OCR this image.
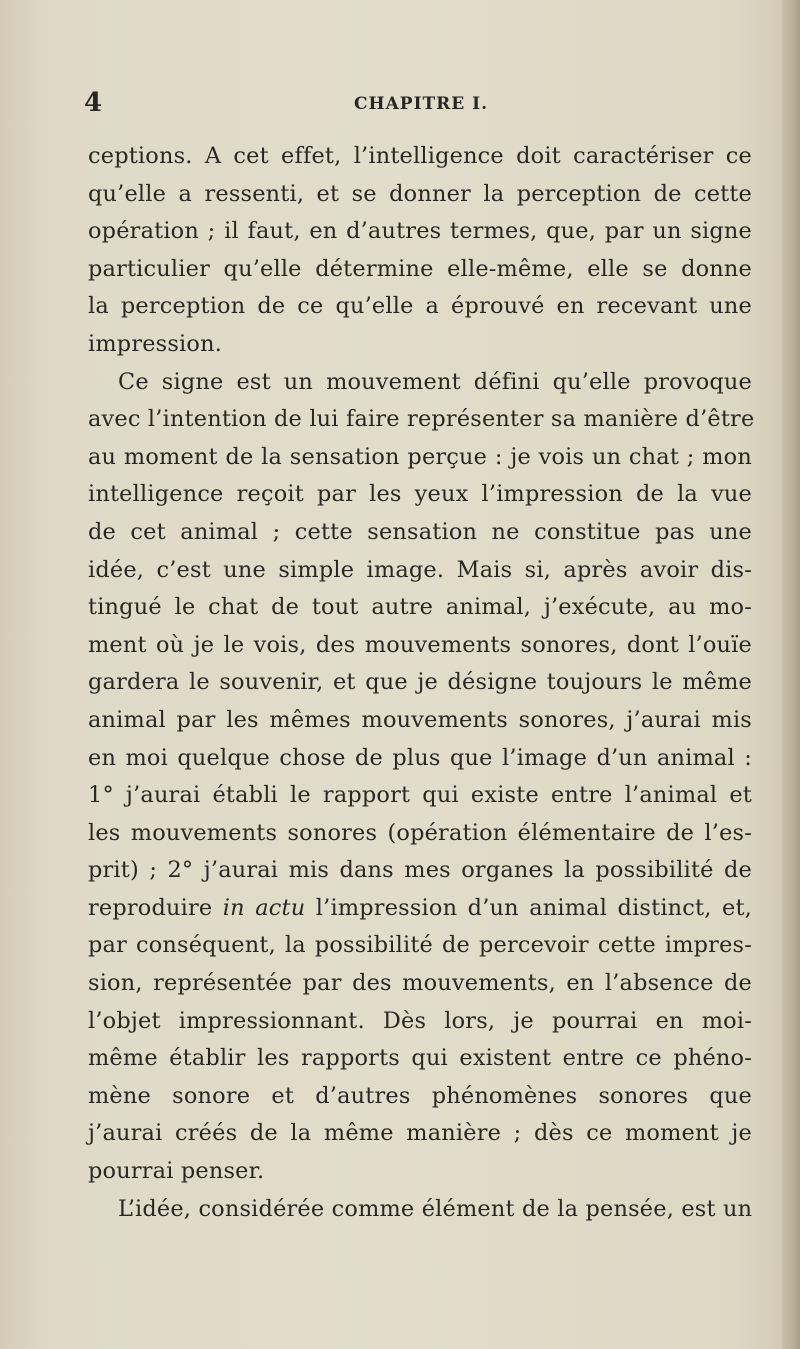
4	CHAPITRE I.
ceptions. A cet effet, l’intelligence doit caractériser ce
qu’elle a ressenti, et se donner la perception de cette
opération ; il faut, en d’autres termes, que, par un signe
particulier qu’elle détermine elle-même, elle se donne
la perception de ce qu’elle a éprouvé en recevant une
impression.
Ce signe est un mouvement défini qu’elle provoque
avec l’intention de lui faire représenter sa manière d’être
au moment de la sensation perçue : je vois un chat ; mon
intelligence reçoit par les yeux l’impression de la vue
de cet animal ; cette sensation ne constitue pas une
idée, c’est une simple image. Mais si, après avoir dis-
tingué le chat de tout autre animal, j’exécute, au mo-
ment où je le vois, des mouvements sonores, dont l’ouïe
gardera le souvenir, et que je désigne toujours le même
animal par les mêmes mouvements sonores, j’aurai mis
en moi quelque chose de plus que l’image d’un animal :
1° j’aurai établi le rapport qui existe entre l’animal et
les mouvements sonores (opération élémentaire de l’es-
prit) ; 2° j’aurai mis dans mes organes la possibilité de
reproduire in actu l’impression d’un animal distinct, et,
par conséquent, la possibilité de percevoir cette impres-
sion, représentée par des mouvements, en l’absence de
l’objet impressionnant. Dès lors, je pourrai en moi-
même établir les rapports qui existent entre ce phéno-
mène sonore et d’autres phénomènes sonores que
j’aurai créés de la même manière ; dès ce moment je
pourrai penser.
L’idée, considérée comme élément de la pensée, est un
